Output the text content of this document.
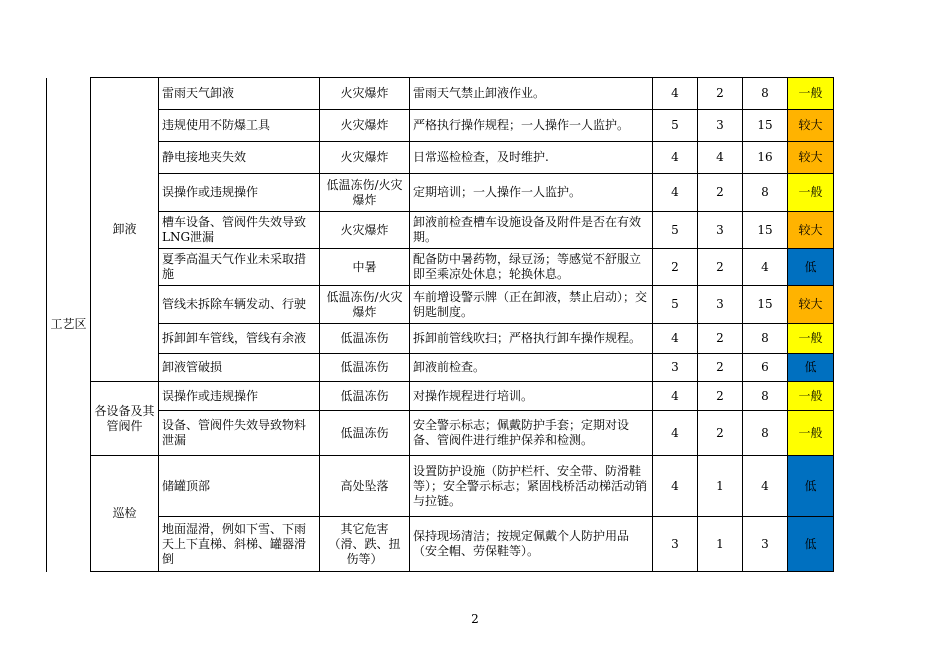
工艺区	卸液	雷雨天气卸液	火灾爆炸	雷雨天气禁止卸液作业。	4	2	8	一般
		违规使用不防爆工具	火灾爆炸	严格执行操作规程；一人操作一人监护。	5	3	15	较大
		静电接地夹失效	火灾爆炸	日常巡检检查，及时维护.	4	4	16	较大
		误操作或违规操作	低温冻伤/火灾爆炸	定期培训；一人操作一人监护。	4	2	8	一般
		槽车设备、管阀件失效导致LNG泄漏	火灾爆炸	卸液前检查槽车设施设备及附件是否在有效期。	5	3	15	较大
		夏季高温天气作业未采取措施	中暑	配备防中暑药物，绿豆汤；等感觉不舒服立即至乘凉处休息；轮换休息。	2	2	4	低
		管线未拆除车辆发动、行驶	低温冻伤/火灾爆炸	车前增设警示牌（正在卸液，禁止启动）；交钥匙制度。	5	3	15	较大
		拆卸卸车管线，管线有余液	低温冻伤	拆卸前管线吹扫；严格执行卸车操作规程。	4	2	8	一般
		卸液管破损	低温冻伤	卸液前检查。	3	2	6	低
	各设备及其管阀件	误操作或违规操作	低温冻伤	对操作规程进行培训。	4	2	8	一般
		设备、管阀件失效导致物料泄漏	低温冻伤	安全警示标志；佩戴防护手套；定期对设备、管阀件进行维护保养和检测。	4	2	8	一般
	巡检	储罐顶部	高处坠落	设置防护设施（防护栏杆、安全带、防滑鞋等）；安全警示标志；紧固栈桥活动梯活动销与拉链。	4	1	4	低
		地面湿滑，例如下雪、下雨天上下直梯、斜梯、罐器滑倒	其它危害（滑、跌、扭伤等）	保持现场清洁；按规定佩戴个人防护用品（安全帽、劳保鞋等）。	3	1	3	低
2
